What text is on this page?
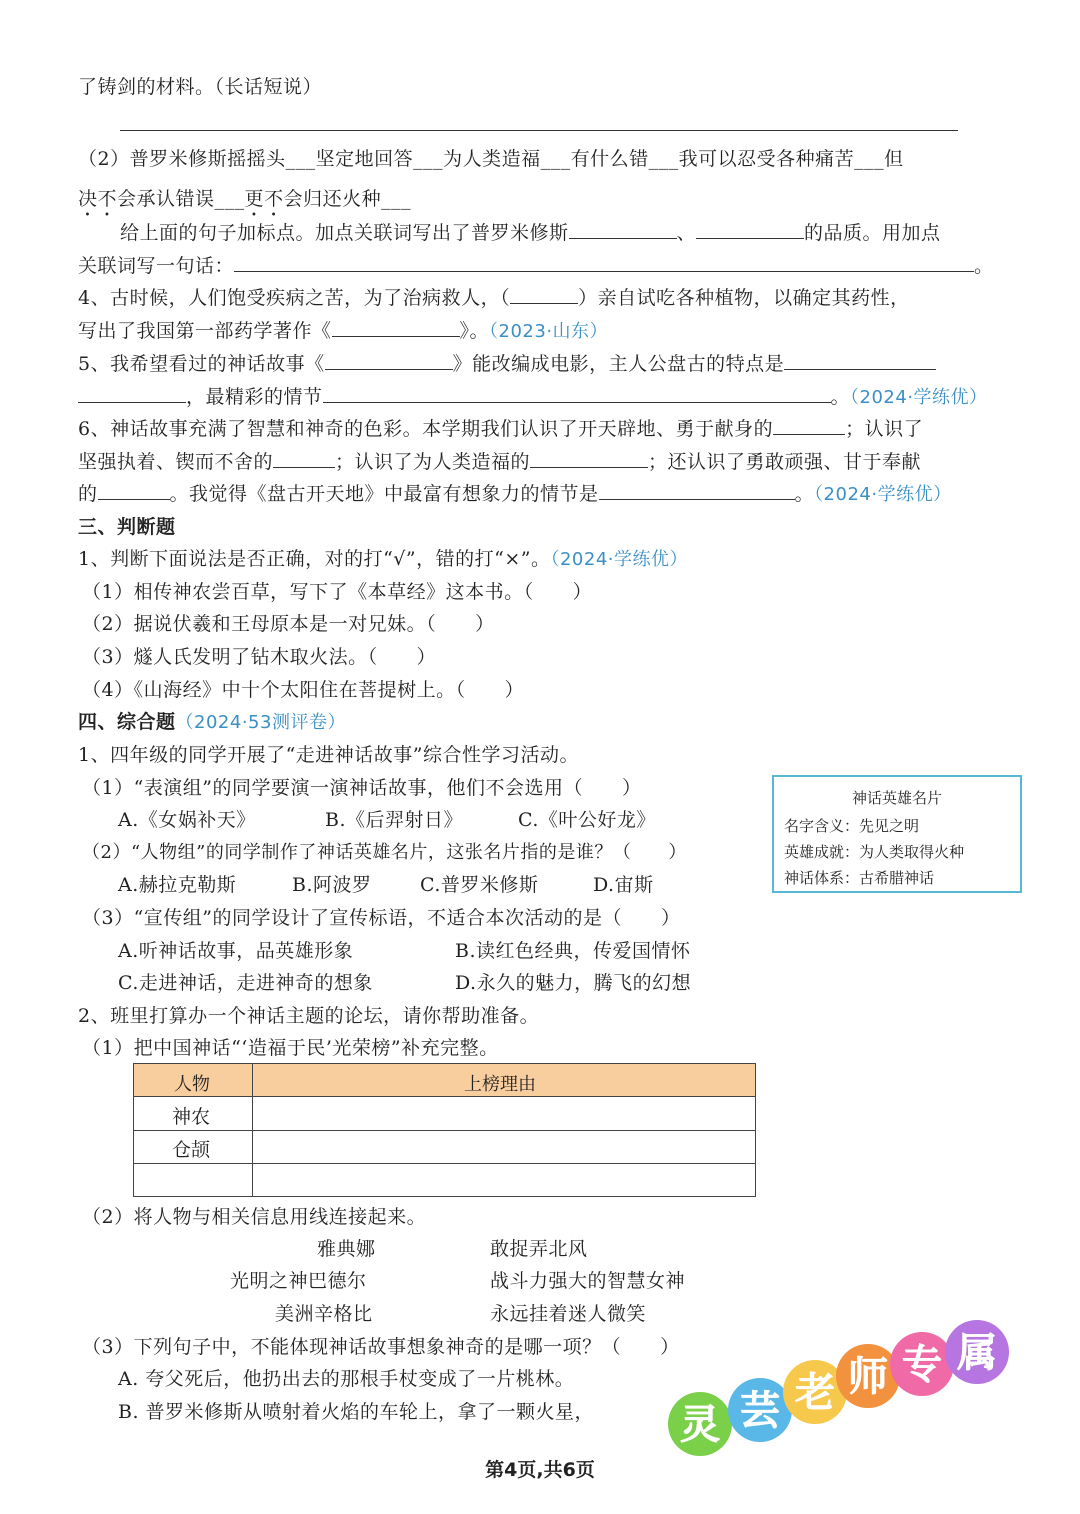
了铸剑的材料。（长话短说）
（2）普罗米修斯摇摇头___坚定地回答___为人类造福___有什么错___我可以忍受各种痛苦___但
决不会承认错误___更不会归还火种___
给上面的句子加标点。加点关联词写出了普罗米修斯	、	的品质。用加点
关联词写一句话：	。
4、古时候，人们饱受疾病之苦，为了治病救人，（	）亲自试吃各种植物，以确定其药性，
写出了我国第一部药学著作《	》。（2023·山东）
5、我希望看过的神话故事《	》能改编成电影，主人公盘古的特点是
，最精彩的情节	。（2024·学练优）
6、神话故事充满了智慧和神奇的色彩。本学期我们认识了开天辟地、勇于献身的	；认识了
坚强执着、锲而不舍的	；认识了为人类造福的	；还认识了勇敢顽强、甘于奉献
的	。我觉得《盘古开天地》中最富有想象力的情节是	。（2024·学练优）
三、判断题
1、判断下面说法是否正确，对的打“√”，错的打“×”。（2024·学练优）
（1）相传神农尝百草，写下了《本草经》这本书。（　　）
（2）据说伏羲和王母原本是一对兄妹。（　　）
（3）燧人氏发明了钻木取火法。（　　）
（4）《山海经》中十个太阳住在菩提树上。（　　）
四、综合题（2024·53测评卷）
1、四年级的同学开展了“走进神话故事”综合性学习活动。
（1）“表演组”的同学要演一演神话故事，他们不会选用（　　）
A.《女娲补天》	B.《后羿射日》	C.《叶公好龙》
（2）“人物组”的同学制作了神话英雄名片，这张名片指的是谁？（　　）
A.赫拉克勒斯	B.阿波罗	C.普罗米修斯	D.宙斯
（3）“宣传组”的同学设计了宣传标语，不适合本次活动的是（　　）
A.听神话故事，品英雄形象	B.读红色经典，传爱国情怀
C.走进神话，走进神奇的想象	D.永久的魅力，腾飞的幻想
神话英雄名片
名字含义：先见之明
英雄成就：为人类取得火种
神话体系：古希腊神话
2、班里打算办一个神话主题的论坛，请你帮助准备。
（1）把中国神话“‘造福于民’光荣榜”补充完整。
人物	上榜理由
神农
仓颉
（2）将人物与相关信息用线连接起来。
雅典娜
光明之神巴德尔
美洲辛格比
敢捉弄北风
战斗力强大的智慧女神
永远挂着迷人微笑
（3）下列句子中，不能体现神话故事想象神奇的是哪一项？（　　）
A. 夸父死后，他扔出去的那根手杖变成了一片桃林。
B. 普罗米修斯从喷射着火焰的车轮上，拿了一颗火星， 灵 芸 老 师 专 属
第4页,共6页
